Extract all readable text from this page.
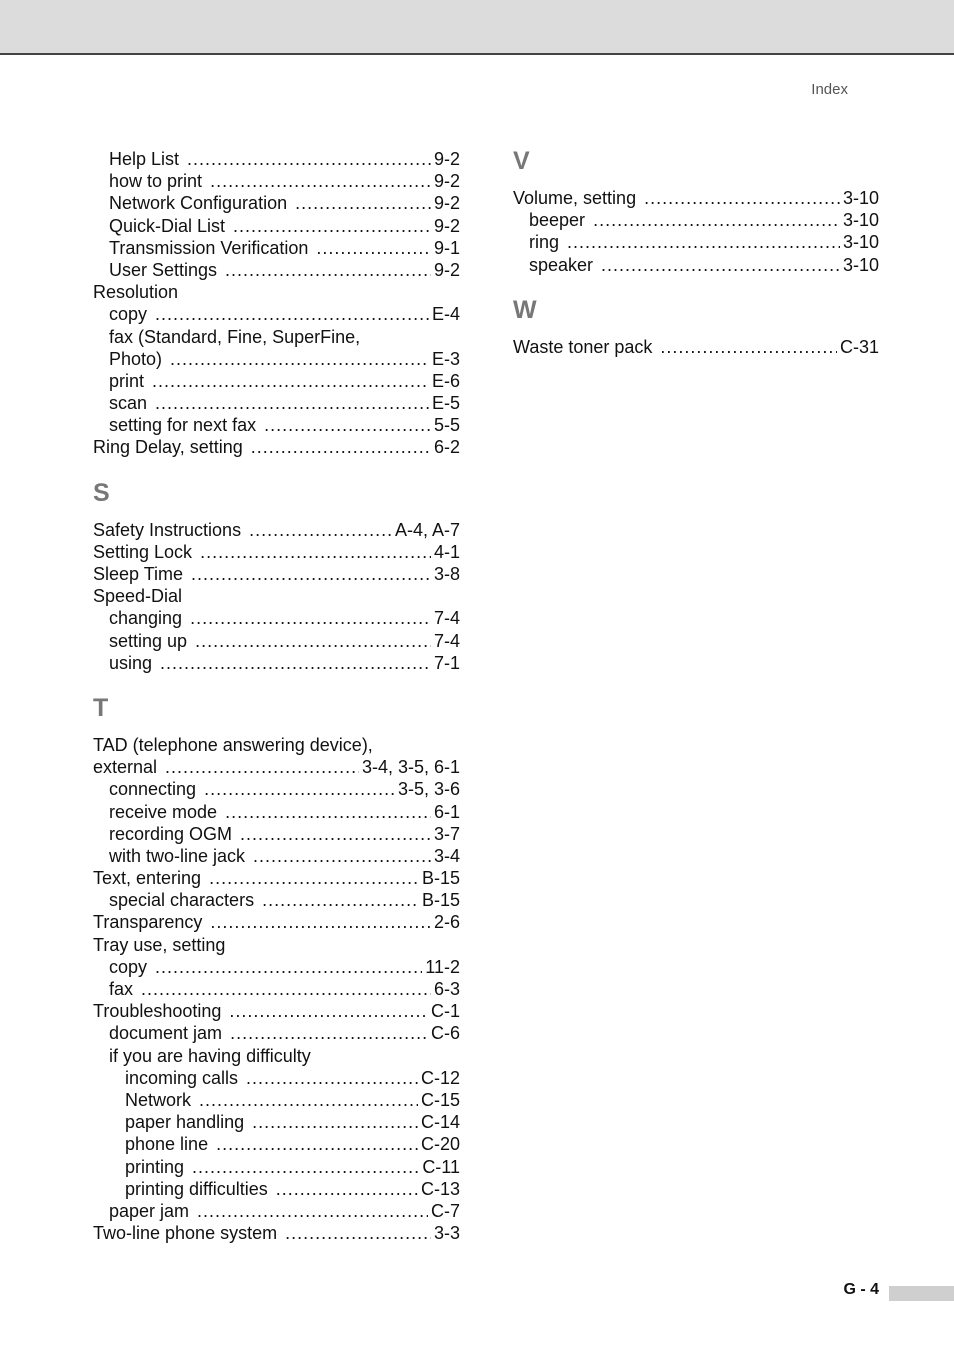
Index
Help List .....	9-2
how to print .....	9-2
Network Configuration .....	9-2
Quick-Dial List .....	9-2
Transmission Verification .....	9-1
User Settings .....	9-2
Resolution
copy .....	E-4
fax (Standard, Fine, SuperFine,
Photo) .....	E-3
print .....	E-6
scan .....	E-5
setting for next fax .....	5-5
Ring Delay, setting .....	6-2
S
Safety Instructions .....	A-4, A-7
Setting Lock .....	4-1
Sleep Time .....	3-8
Speed-Dial
changing .....	7-4
setting up .....	7-4
using .....	7-1
T
TAD (telephone answering device),
external .....	3-4, 3-5, 6-1
connecting .....	3-5, 3-6
receive mode .....	6-1
recording OGM .....	3-7
with two-line jack .....	3-4
Text, entering .....	B-15
special characters .....	B-15
Transparency .....	2-6
Tray use, setting
copy .....	11-2
fax .....	6-3
Troubleshooting .....	C-1
document jam .....	C-6
if you are having difficulty
incoming calls .....	C-12
Network .....	C-15
paper handling .....	C-14
phone line .....	C-20
printing .....	C-11
printing difficulties .....	C-13
paper jam .....	C-7
Two-line phone system .....	3-3
V
Volume, setting .....	3-10
beeper .....	3-10
ring .....	3-10
speaker .....	3-10
W
Waste toner pack .....	C-31
G - 4
